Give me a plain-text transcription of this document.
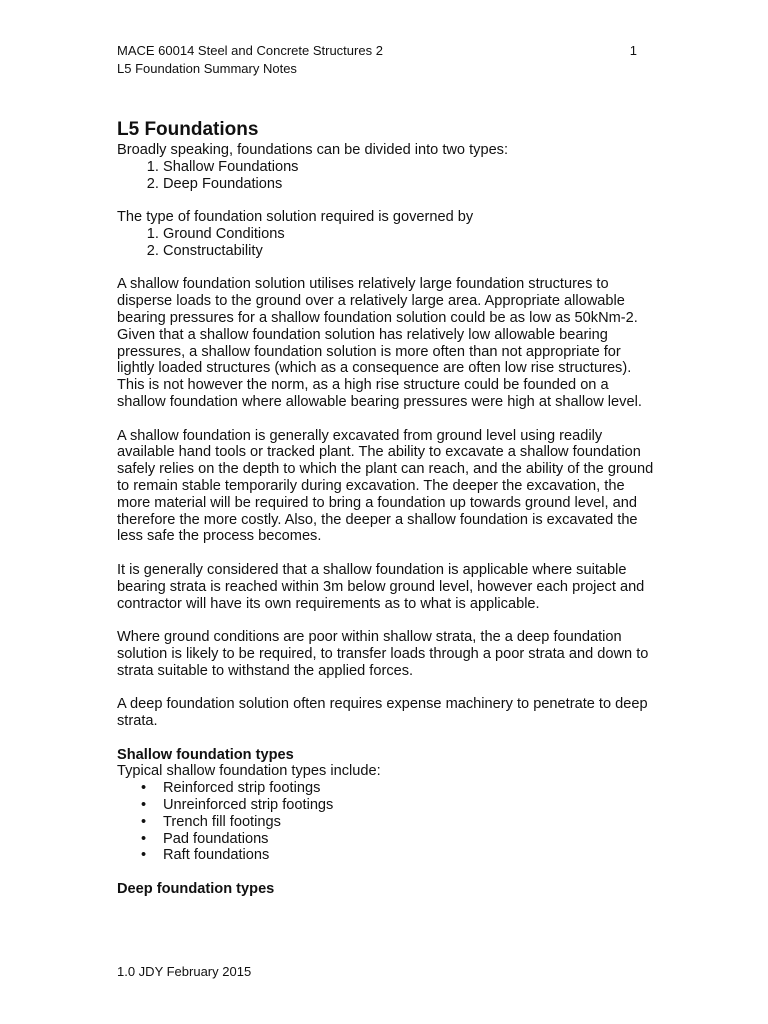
MACE 60014 Steel and Concrete Structures 2	1
L5 Foundation Summary Notes
L5 Foundations

Broadly speaking, foundations can be divided into two types:

1. Shallow Foundations
2. Deep Foundations

The type of foundation solution required is governed by

1. Ground Conditions
2. Constructability

A shallow foundation solution utilises relatively large foundation structures to disperse loads to the ground over a relatively large area. Appropriate allowable bearing pressures for a shallow foundation solution could be as low as 50kNm-2. Given that a shallow foundation solution has relatively low allowable bearing pressures, a shallow foundation solution is more often than not appropriate for lightly loaded structures (which as a consequence are often low rise structures). This is not however the norm, as a high rise structure could be founded on a shallow foundation where allowable bearing pressures were high at shallow level.

A shallow foundation is generally excavated from ground level using readily available hand tools or tracked plant. The ability to excavate a shallow foundation safely relies on the depth to which the plant can reach, and the ability of the ground to remain stable temporarily during excavation. The deeper the excavation, the more material will be required to bring a foundation up towards ground level, and therefore the more costly. Also, the deeper a shallow foundation is excavated the less safe the process becomes.

It is generally considered that a shallow foundation is applicable where suitable bearing strata is reached within 3m below ground level, however each project and contractor will have its own requirements as to what is applicable.

Where ground conditions are poor within shallow strata, the a deep foundation solution is likely to be required, to transfer loads through a poor strata and down to strata suitable to withstand the applied forces.

A deep foundation solution often requires expense machinery to penetrate to deep strata.

Shallow foundation types

Typical shallow foundation types include:

• Reinforced strip footings
• Unreinforced strip footings
• Trench fill footings
• Pad foundations
• Raft foundations

Deep foundation types

1.0 JDY February 2015
